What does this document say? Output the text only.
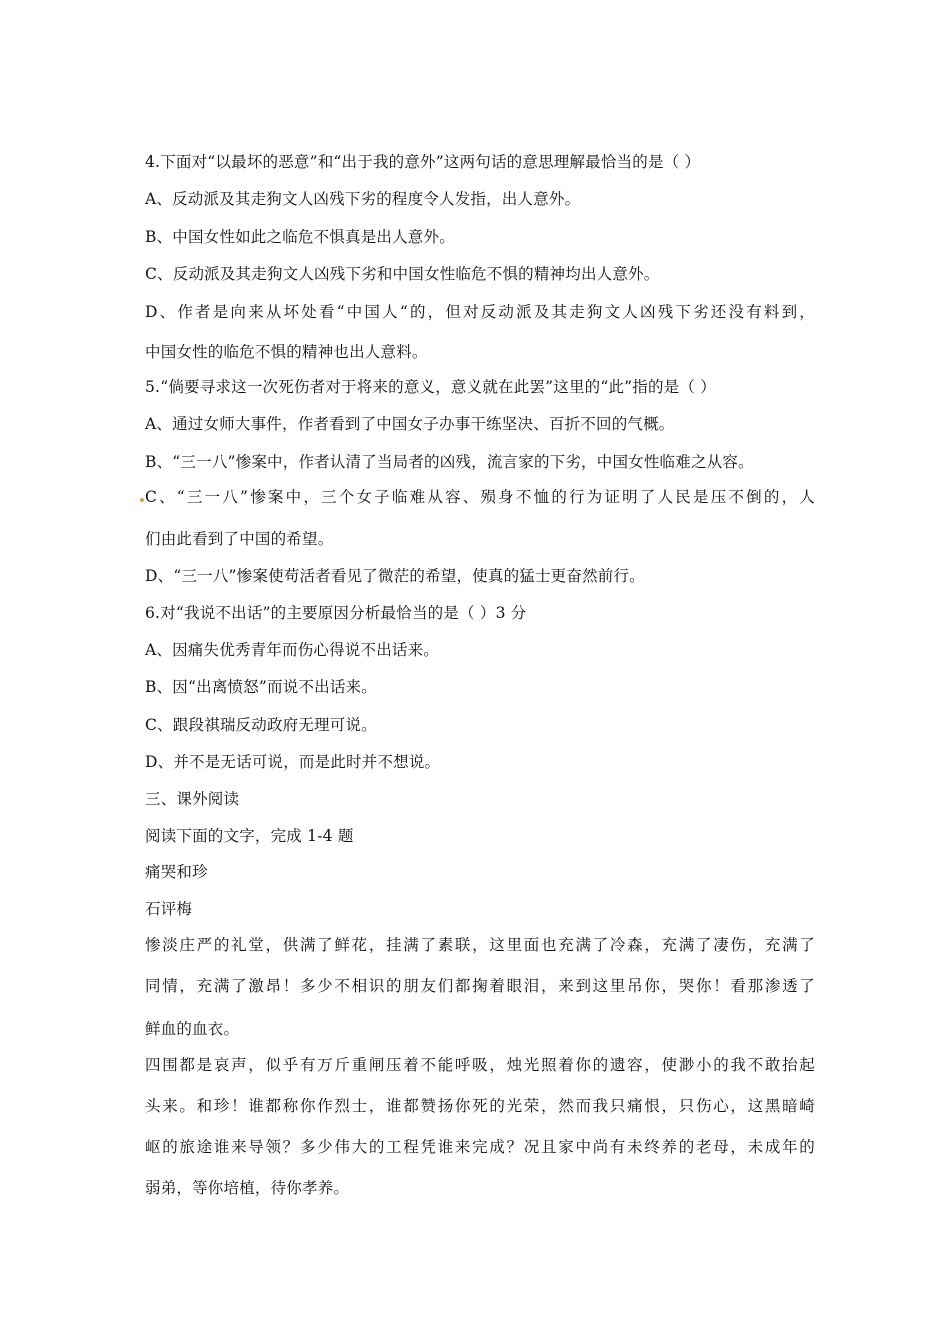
4.下面对“以最坏的恶意”和“出于我的意外”这两句话的意思理解最恰当的是（ ）
A、反动派及其走狗文人凶残下劣的程度令人发指，出人意外。
B、中国女性如此之临危不惧真是出人意外。
C、反动派及其走狗文人凶残下劣和中国女性临危不惧的精神均出人意外。
D、作者是向来从坏处看“中国人“的，但对反动派及其走狗文人凶残下劣还没有料到，
中国女性的临危不惧的精神也出人意料。
5.“倘要寻求这一次死伤者对于将来的意义，意义就在此罢”这里的“此”指的是（ ）
A、通过女师大事件，作者看到了中国女子办事干练坚决、百折不回的气概。
B、“三一八”惨案中，作者认清了当局者的凶残，流言家的下劣，中国女性临难之从容。
C、“三一八”惨案中，三个女子临难从容、殒身不恤的行为证明了人民是压不倒的，人
们由此看到了中国的希望。
D、“三一八”惨案使苟活者看见了微茫的希望，使真的猛士更奋然前行。
6.对“我说不出话”的主要原因分析最恰当的是（ ）3 分
A、因痛失优秀青年而伤心得说不出话来。
B、因“出离愤怒”而说不出话来。
C、跟段祺瑞反动政府无理可说。
D、并不是无话可说，而是此时并不想说。
三、课外阅读
阅读下面的文字，完成 1-4 题
痛哭和珍
石评梅
惨淡庄严的礼堂，供满了鲜花，挂满了素联，这里面也充满了冷森，充满了凄伤，充满了
同情，充满了激昂！多少不相识的朋友们都掬着眼泪，来到这里吊你，哭你！看那渗透了
鲜血的血衣。
四围都是哀声，似乎有万斤重闸压着不能呼吸，烛光照着你的遗容，使渺小的我不敢抬起
头来。和珍！谁都称你作烈士，谁都赞扬你死的光荣，然而我只痛恨，只伤心，这黑暗崎
岖的旅途谁来导领？多少伟大的工程凭谁来完成？况且家中尚有未终养的老母，未成年的
弱弟，等你培植，待你孝养。
